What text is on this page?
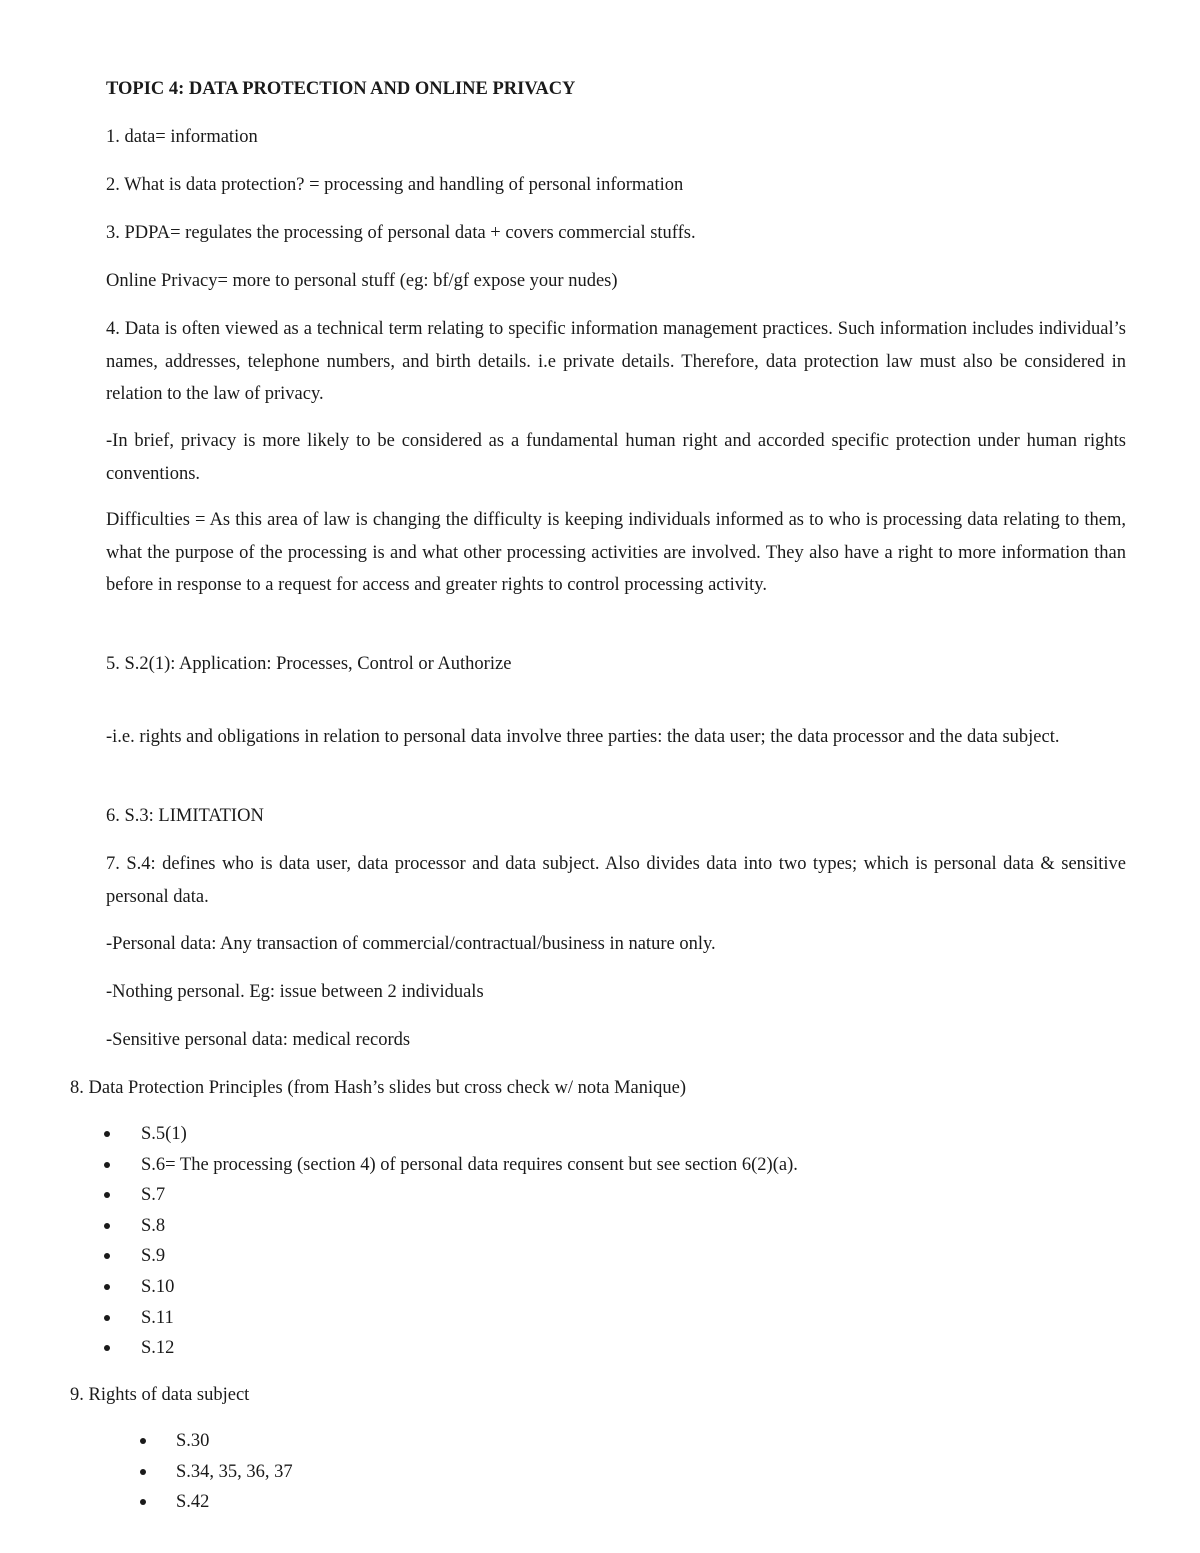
TOPIC 4: DATA PROTECTION AND ONLINE PRIVACY
1. data= information
2. What is data protection? = processing and handling of personal information
3. PDPA= regulates the processing of personal data + covers commercial stuffs.
Online Privacy= more to personal stuff (eg: bf/gf expose your nudes)
4. Data is often viewed as a technical term relating to specific information management practices. Such information includes individual’s names, addresses, telephone numbers, and birth details. i.e private details. Therefore, data protection law must also be considered in relation to the law of privacy.
-In brief, privacy is more likely to be considered as a fundamental human right and accorded specific protection under human rights conventions.
Difficulties = As this area of law is changing the difficulty is keeping individuals informed as to who is processing data relating to them, what the purpose of the processing is and what other processing activities are involved. They also have a right to more information than before in response to a request for access and greater rights to control processing activity.
5. S.2(1): Application: Processes, Control or Authorize
-i.e. rights and obligations in relation to personal data involve three parties: the data user; the data processor and the data subject.
6. S.3: LIMITATION
7. S.4: defines who is data user, data processor and data subject. Also divides data into two types; which is personal data & sensitive personal data.
-Personal data: Any transaction of commercial/contractual/business in nature only.
-Nothing personal. Eg: issue between 2 individuals
-Sensitive personal data: medical records
8. Data Protection Principles (from Hash’s slides but cross check w/ nota Manique)
S.5(1)
S.6= The processing (section 4) of personal data requires consent but see section 6(2)(a).
S.7
S.8
S.9
S.10
S.11
S.12
9. Rights of data subject
S.30
S.34, 35, 36, 37
S.42
